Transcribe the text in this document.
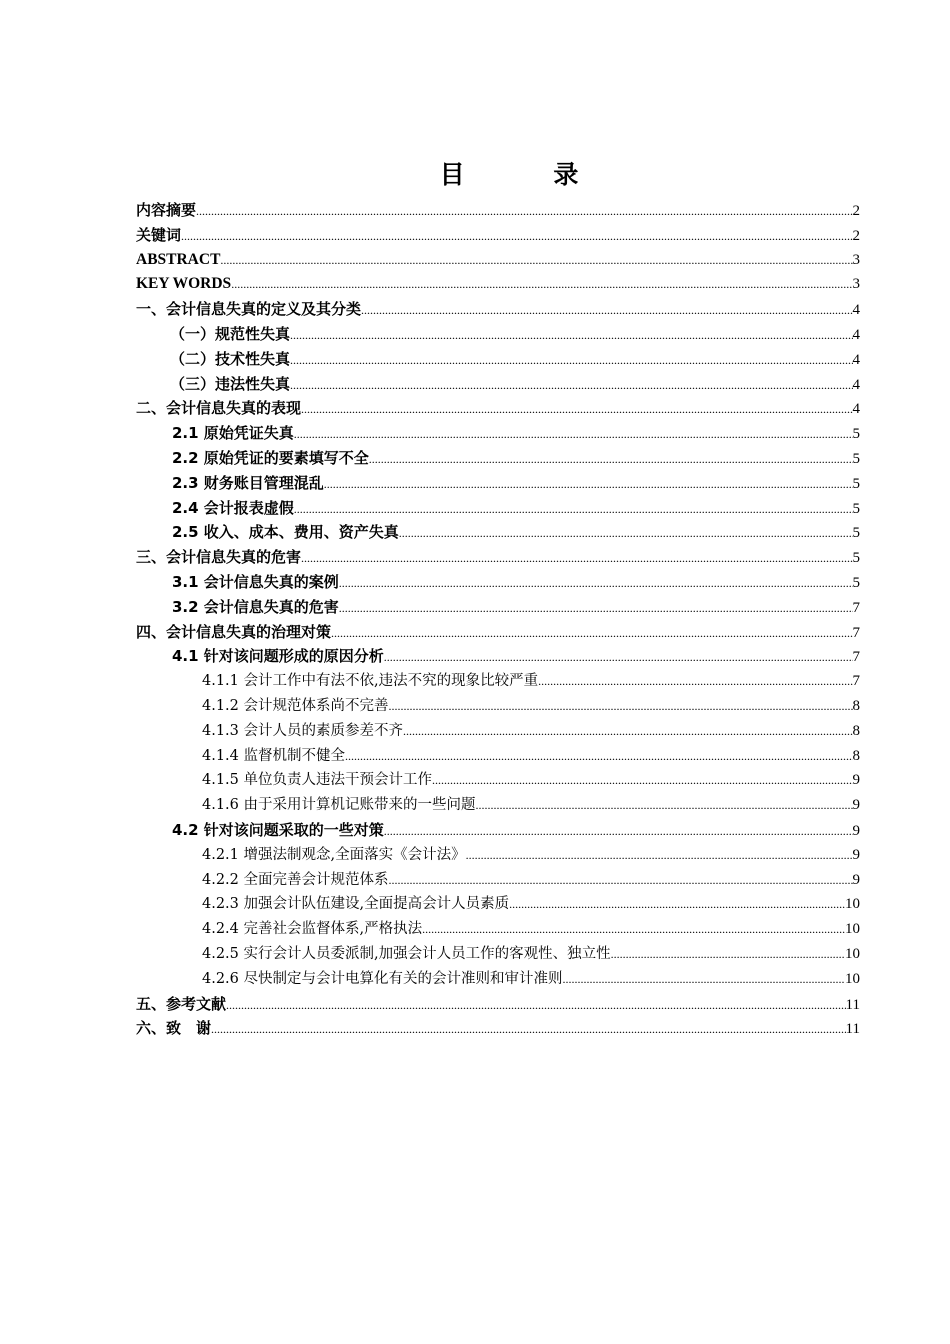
目 录
内容摘要 .....	2
关键词 .....	2
ABSTRACT .....	3
KEY WORDS .....	3
一、会计信息失真的定义及其分类 .....	4
（一）规范性失真 .....	4
（二）技术性失真 .....	4
（三）违法性失真 .....	4
二、会计信息失真的表现 .....	4
2.1 原始凭证失真 .....	5
2.2 原始凭证的要素填写不全 .....	5
2.3 财务账目管理混乱 .....	5
2.4 会计报表虚假 .....	5
2.5 收入、成本、费用、资产失真 .....	5
三、会计信息失真的危害 .....	5
3.1 会计信息失真的案例 .....	5
3.2 会计信息失真的危害 .....	7
四、会计信息失真的治理对策 .....	7
4.1 针对该问题形成的原因分析 .....	7
4.1.1 会计工作中有法不依,违法不究的现象比较严重 .....	7
4.1.2 会计规范体系尚不完善 .....	8
4.1.3 会计人员的素质参差不齐 .....	8
4.1.4 监督机制不健全 .....	8
4.1.5 单位负责人违法干预会计工作 .....	9
4.1.6 由于采用计算机记账带来的一些问题 .....	9
4.2 针对该问题采取的一些对策 .....	9
4.2.1 增强法制观念,全面落实《会计法》 .....	9
4.2.2 全面完善会计规范体系 .....	9
4.2.3 加强会计队伍建设,全面提高会计人员素质 .....	10
4.2.4 完善社会监督体系,严格执法 .....	10
4.2.5 实行会计人员委派制,加强会计人员工作的客观性、独立性 .....	10
4.2.6 尽快制定与会计电算化有关的会计准则和审计准则 .....	10
五、参考文献 .....	11
六、致　谢 .....	11
